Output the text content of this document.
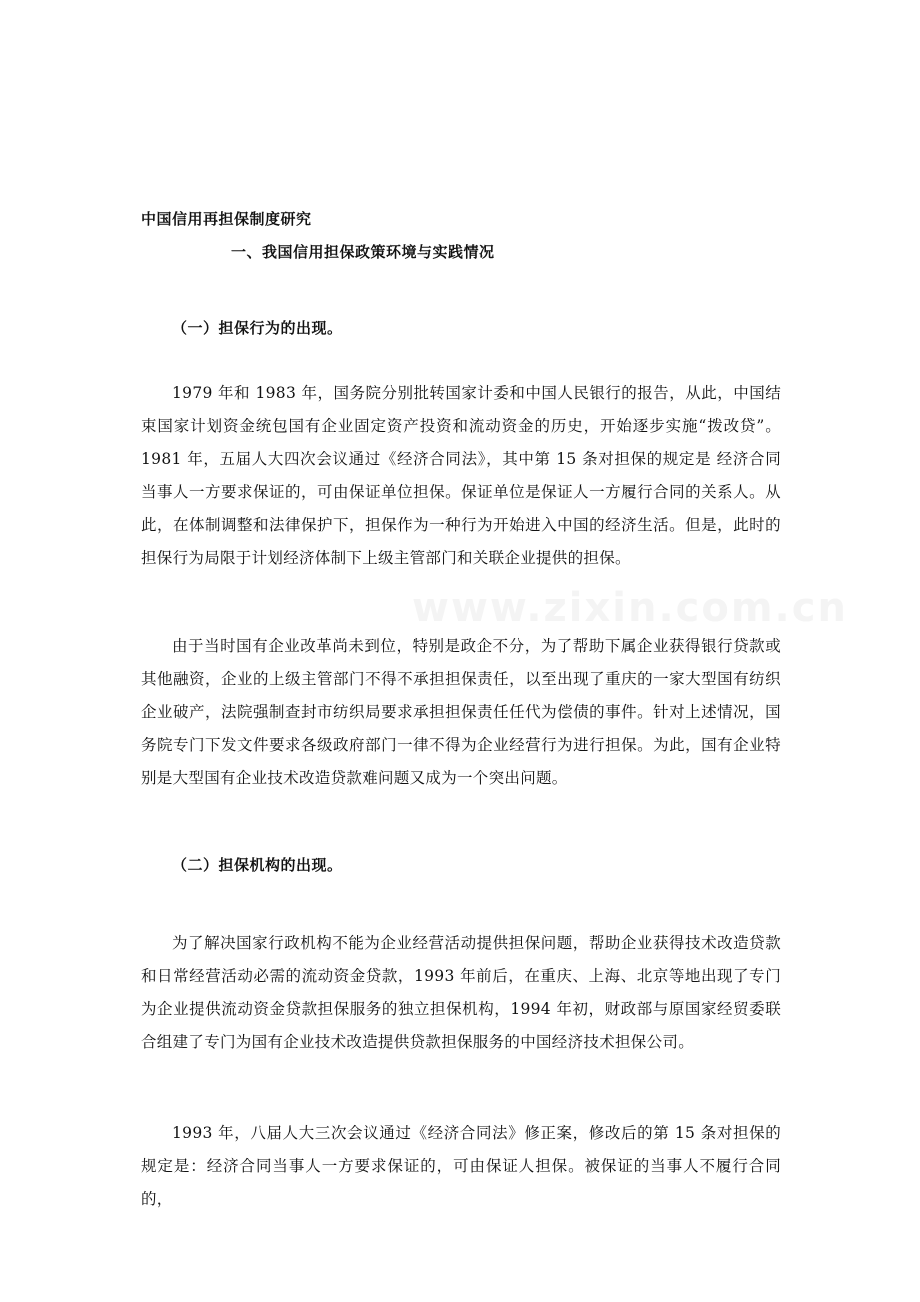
www.zixin.com.cn
中国信用再担保制度研究
一、我国信用担保政策环境与实践情况
（一）担保行为的出现。

1979 年和 1983 年，国务院分别批转国家计委和中国人民银行的报告，从此，中国结束国家计划资金统包国有企业固定资产投资和流动资金的历史，开始逐步实施“拨改贷”。1981 年，五届人大四次会议通过《经济合同法》，其中第 15 条对担保的规定是 经济合同当事人一方要求保证的，可由保证单位担保。保证单位是保证人一方履行合同的关系人。从此，在体制调整和法律保护下，担保作为一种行为开始进入中国的经济生活。但是，此时的担保行为局限于计划经济体制下上级主管部门和关联企业提供的担保。

由于当时国有企业改革尚未到位，特别是政企不分，为了帮助下属企业获得银行贷款或其他融资，企业的上级主管部门不得不承担担保责任，以至出现了重庆的一家大型国有纺织企业破产，法院强制查封市纺织局要求承担担保责任任代为偿债的事件。针对上述情况，国务院专门下发文件要求各级政府部门一律不得为企业经营行为进行担保。为此，国有企业特别是大型国有企业技术改造贷款难问题又成为一个突出问题。

（二）担保机构的出现。

为了解决国家行政机构不能为企业经营活动提供担保问题，帮助企业获得技术改造贷款和日常经营活动必需的流动资金贷款，1993 年前后，在重庆、上海、北京等地出现了专门为企业提供流动资金贷款担保服务的独立担保机构，1994 年初，财政部与原国家经贸委联合组建了专门为国有企业技术改造提供贷款担保服务的中国经济技术担保公司。

1993 年，八届人大三次会议通过《经济合同法》修正案，修改后的第 15 条对担保的规定是：经济合同当事人一方要求保证的，可由保证人担保。被保证的当事人不履行合同的，
